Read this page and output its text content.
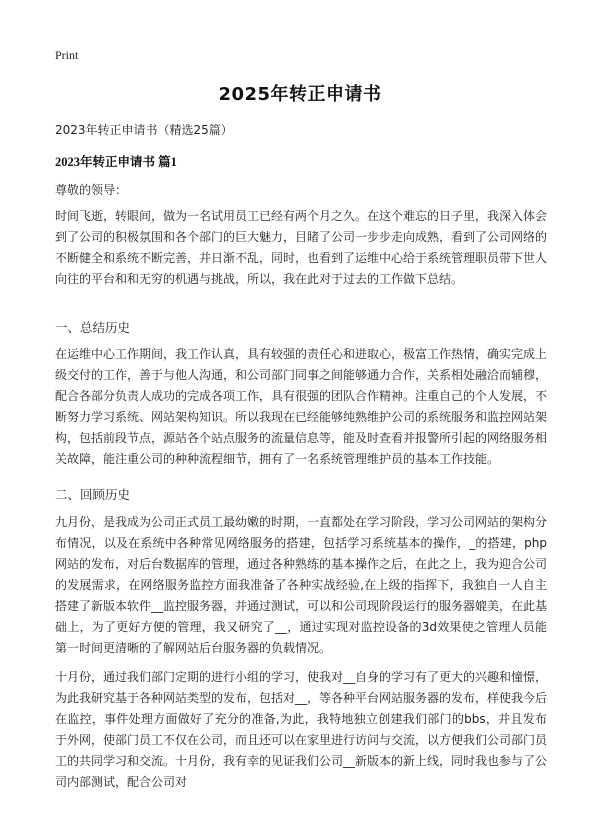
Print
2025年转正申请书
2023年转正申请书（精选25篇）
2023年转正申请书 篇1
尊敬的领导：

时间飞逝，转眼间，做为一名试用员工已经有两个月之久。在这个难忘的日子里，我深入体会到了公司的积极氛围和各个部门的巨大魅力，目睹了公司一步步走向成熟，看到了公司网络的不断健全和系统不断完善，并日渐不乱，同时，也看到了运维中心给于系统管理职员带下世人向往的平台和和无穷的机遇与挑战，所以，我在此对于过去的工作做下总结。

一、总结历史

在运维中心工作期间，我工作认真，具有较强的责任心和进取心，极富工作热情，确实完成上级交付的工作，善于与他人沟通，和公司部门同事之间能够通力合作，关系相处融洽而辅穆，配合各部分负责人成功的完成各项工作，具有很强的团队合作精神。注重自己的个人发展，不断努力学习系统、网站架构知识。所以我现在已经能够纯熟维护公司的系统服务和监控网站架构，包括前段节点，源站各个站点服务的流量信息等，能及时查看并报警所引起的网络服务相关故障，能注重公司的种种流程细节，拥有了一名系统管理维护员的基本工作技能。

二、回顾历史

九月份，是我成为公司正式员工最幼嫩的时期，一直都处在学习阶段，学习公司网站的架构分布情况，以及在系统中各种常见网络服务的搭建，包括学习系统基本的操作，_的搭建，php网站的发布，对后台数据库的管理，通过各种熟练的基本操作之后，在此之上，我为迎合公司的发展需求，在网络服务监控方面我准备了各种实战经验,在上级的指挥下，我独自一人自主搭建了新版本软件__监控服务器，并通过测试，可以和公司现阶段运行的服务器媲美，在此基础上，为了更好方便的管理，我又研究了__，通过实现对监控设备的3d效果使之管理人员能第一时间更清晰的了解网站后台服务器的负载情况。

十月份，通过我们部门定期的进行小组的学习，使我对__自身的学习有了更大的兴趣和憧憬，为此我研究基于各种网站类型的发布，包括对__，等各种平台网站服务器的发布，样使我今后在监控，事件处理方面做好了充分的准备,为此，我特地独立创建我们部门的bbs，并且发布于外网，使部门员工不仅在公司，而且还可以在家里进行访问与交流，以方便我们公司部门员工的共同学习和交流。十月份，我有幸的见证我们公司__新版本的新上线，同时我也参与了公司内部测试，配合公司对
